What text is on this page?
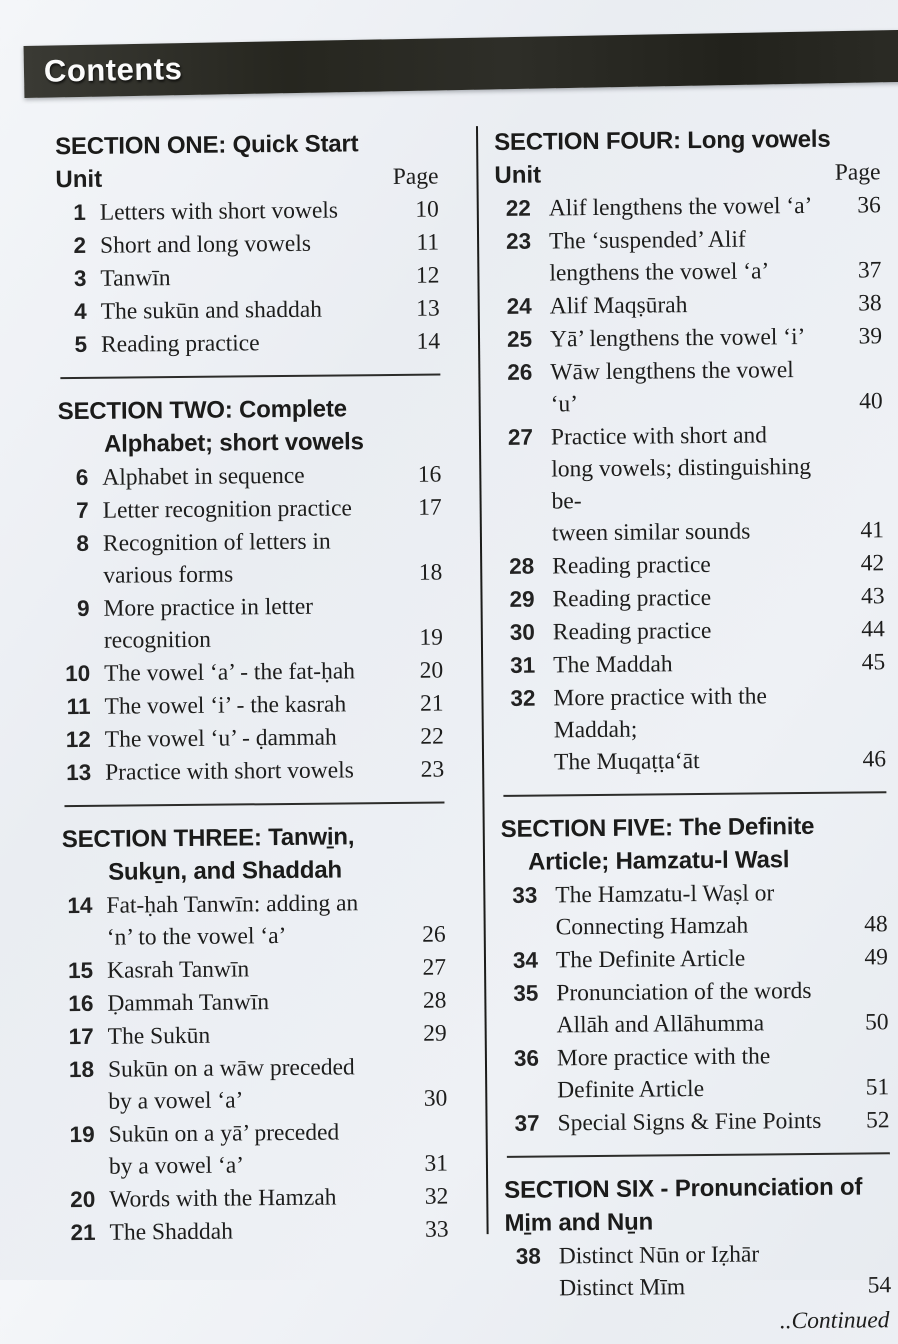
Contents
SECTION ONE: Quick Start
Unit	Page
1 Letters with short vowels	10
2 Short and long vowels	11
3 Tanwīn	12
4 The sukūn and shaddah	13
5 Reading practice	14
SECTION TWO: Complete
Alphabet; short vowels
6 Alphabet in sequence	16
7 Letter recognition practice	17
8 Recognition of letters in
various forms	18
9 More practice in letter
recognition	19
10 The vowel ‘a’ - the fat-ḥah	20
11 The vowel ‘i’ - the kasrah	21
12 The vowel ‘u’ - ḍammah	22
13 Practice with short vowels	23
SECTION THREE: Tanwi̱n,
Suku̱n, and Shaddah
14 Fat-ḥah Tanwīn: adding an
‘n’ to the vowel ‘a’	26
15 Kasrah Tanwīn	27
16 Ḍammah Tanwīn	28
17 The Sukūn	29
18 Sukūn on a wāw preceded
by a vowel ‘a’	30
19 Sukūn on a yā’ preceded
by a vowel ‘a’	31
20 Words with the Hamzah	32
21 The Shaddah	33
SECTION FOUR: Long vowels
Unit	Page
22 Alif lengthens the vowel ‘a’	36
23 The ‘suspended’ Alif
lengthens the vowel ‘a’	37
24 Alif Maqṣūrah	38
25 Yā’ lengthens the vowel ‘i’	39
26 Wāw lengthens the vowel ‘u’	40
27 Practice with short and
long vowels; distinguishing be-
tween similar sounds	41
28 Reading practice	42
29 Reading practice	43
30 Reading practice	44
31 The Maddah	45
32 More practice with the Maddah;
The Muqaṭṭa‘āt	46
SECTION FIVE: The Definite
Article; Hamzatu-l Wasl
33 The Hamzatu-l Waṣl or
Connecting Hamzah	48
34 The Definite Article	49
35 Pronunciation of the words
Allāh and Allāhumma	50
36 More practice with the
Definite Article	51
37 Special Signs & Fine Points	52
SECTION SIX - Pronunciation of
Mi̱m and Nu̱n
38 Distinct Nūn or Iẓhār
Distinct Mīm	54
..Continued
